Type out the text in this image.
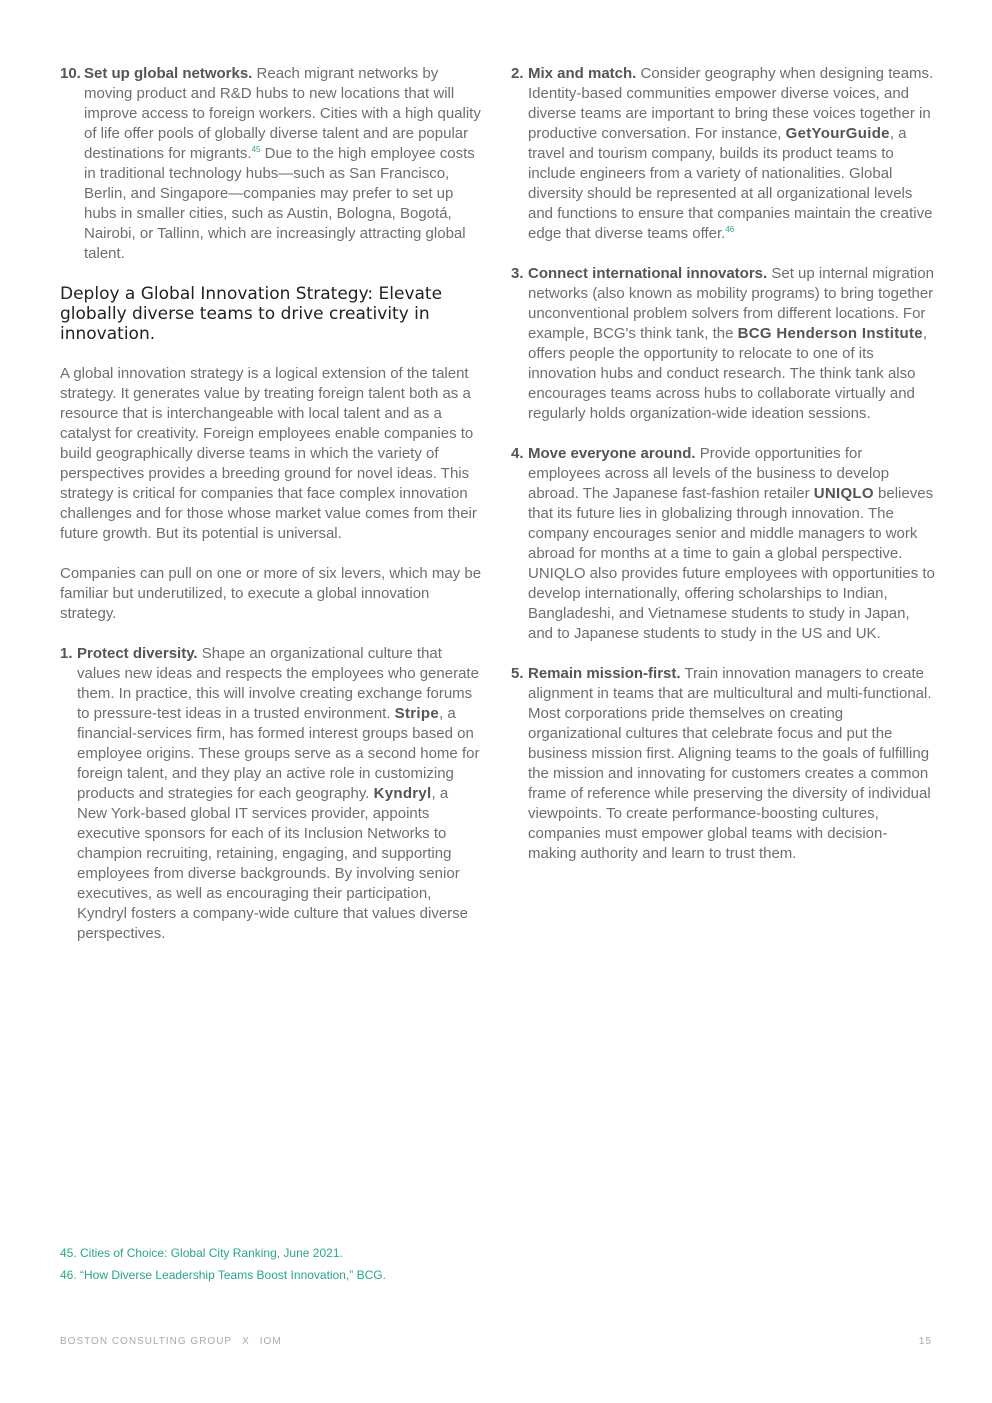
10. Set up global networks. Reach migrant networks by moving product and R&D hubs to new locations that will improve access to foreign workers. Cities with a high quality of life offer pools of globally diverse talent and are popular destinations for migrants.$^{45}$ Due to the high employee costs in traditional technology hubs—such as San Francisco, Berlin, and Singapore—companies may prefer to set up hubs in smaller cities, such as Austin, Bologna, Bogotá, Nairobi, or Tallinn, which are increasingly attracting global talent.
Deploy a Global Innovation Strategy: Elevate globally diverse teams to drive creativity in innovation.

A global innovation strategy is a logical extension of the talent strategy. It generates value by treating foreign talent both as a resource that is interchangeable with local talent and as a catalyst for creativity. Foreign employees enable companies to build geographically diverse teams in which the variety of perspectives provides a breeding ground for novel ideas. This strategy is critical for companies that face complex innovation challenges and for those whose market value comes from their future growth. But its potential is universal.

Companies can pull on one or more of six levers, which may be familiar but underutilized, to execute a global innovation strategy.

1. Protect diversity. Shape an organizational culture that values new ideas and respects the employees who generate them. In practice, this will involve creating exchange forums to pressure-test ideas in a trusted environment. Stripe, a financial-services firm, has formed interest groups based on employee origins. These groups serve as a second home for foreign talent, and they play an active role in customizing products and strategies for each geography. Kyndryl, a New York-based global IT services provider, appoints executive sponsors for each of its Inclusion Networks to champion recruiting, retaining, engaging, and supporting employees from diverse backgrounds. By involving senior executives, as well as encouraging their participation, Kyndryl fosters a company-wide culture that values diverse perspectives.
2. Mix and match. Consider geography when designing teams. Identity-based communities empower diverse voices, and diverse teams are important to bring these voices together in productive conversation. For instance, GetYourGuide, a travel and tourism company, builds its product teams to include engineers from a variety of nationalities. Global diversity should be represented at all organizational levels and functions to ensure that companies maintain the creative edge that diverse teams offer.$^{46}$
3. Connect international innovators. Set up internal migration networks (also known as mobility programs) to bring together unconventional problem solvers from different locations. For example, BCG's think tank, the BCG Henderson Institute, offers people the opportunity to relocate to one of its innovation hubs and conduct research. The think tank also encourages teams across hubs to collaborate virtually and regularly holds organization-wide ideation sessions.
4. Move everyone around. Provide opportunities for employees across all levels of the business to develop abroad. The Japanese fast-fashion retailer UNIQLO believes that its future lies in globalizing through innovation. The company encourages senior and middle managers to work abroad for months at a time to gain a global perspective. UNIQLO also provides future employees with opportunities to develop internationally, offering scholarships to Indian, Bangladeshi, and Vietnamese students to study in Japan, and to Japanese students to study in the US and UK.
5. Remain mission-first. Train innovation managers to create alignment in teams that are multicultural and multi-functional. Most corporations pride themselves on creating organizational cultures that celebrate focus and put the business mission first. Aligning teams to the goals of fulfilling the mission and innovating for customers creates a common frame of reference while preserving the diversity of individual viewpoints. To create performance-boosting cultures, companies must empower global teams with decision-making authority and learn to trust them.
45. Cities of Choice: Global City Ranking, June 2021.
46. “How Diverse Leadership Teams Boost Innovation,” BCG.
BOSTON CONSULTING GROUP X IOM	15
